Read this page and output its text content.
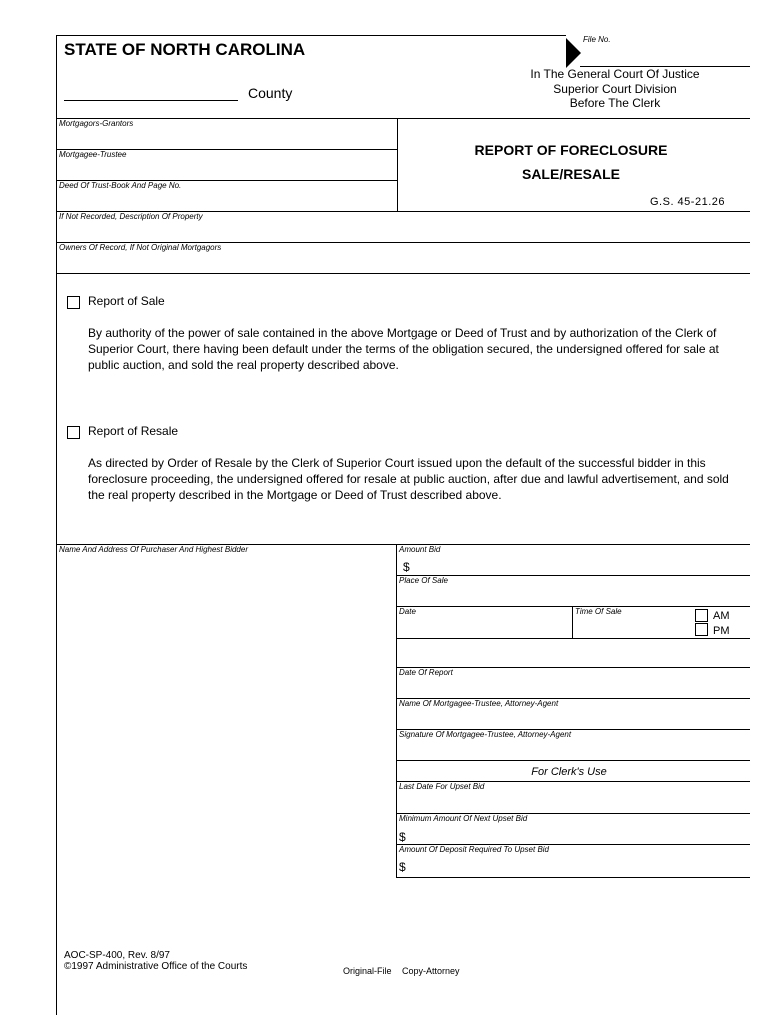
STATE OF NORTH CAROLINA
County
File No.
In The General Court Of Justice
Superior Court Division
Before The Clerk
Mortgagors-Grantors
Mortgagee-Trustee
Deed Of Trust-Book And Page No.
REPORT OF FORECLOSURE
SALE/RESALE
G.S. 45-21.26
If Not Recorded, Description Of Property
Owners Of Record, If Not Original Mortgagors
Report of Sale
By authority of the power of sale contained in the above Mortgage or Deed of Trust and by authorization of the Clerk of Superior Court, there having been default under the terms of the obligation secured, the undersigned offered for sale at public auction, and sold the real property described above.
Report of Resale
As directed by Order of Resale by the Clerk of Superior Court issued upon the default of the successful bidder in this foreclosure proceeding, the undersigned offered for resale at public auction, after due and lawful advertisement, and sold the real property described in the Mortgage or Deed of Trust described above.
Name And Address Of Purchaser And Highest Bidder	Amount Bid
$
Place Of Sale
Date	Time Of Sale	AM
PM
Date Of Report
Name Of Mortgagee-Trustee, Attorney-Agent
Signature Of Mortgagee-Trustee, Attorney-Agent
For Clerk's Use
Last Date For Upset Bid
Minimum Amount Of Next Upset Bid
$
Amount Of Deposit Required To Upset Bid
$
AOC-SP-400, Rev. 8/97
©1997 Administrative Office of the Courts	Original-File Copy-Attorney
